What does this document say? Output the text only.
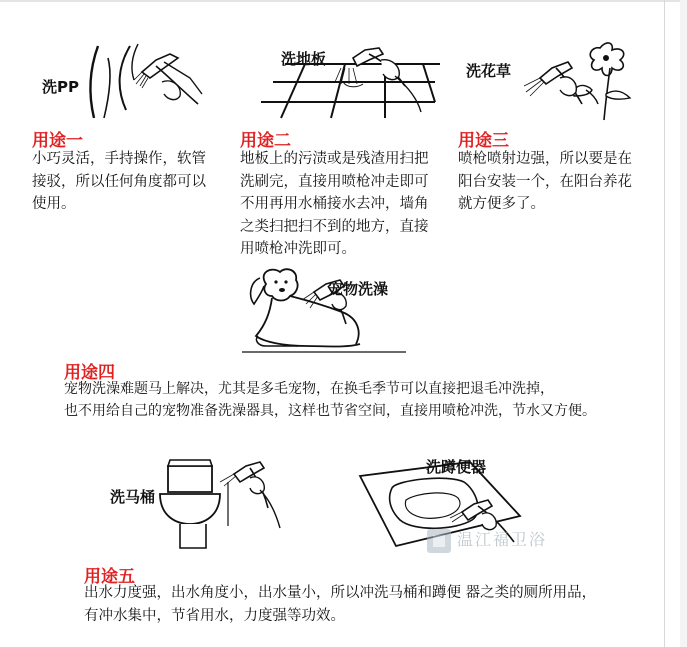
洗PP
洗地板
洗花草
用途一
小巧灵活，手持操作，软管
接驳，所以任何角度都可以
使用。
用途二
地板上的污渍或是残渣用扫把
洗刷完，直接用喷枪冲走即可
不用再用水桶接水去冲，墙角
之类扫把扫不到的地方，直接
用喷枪冲洗即可。
用途三
喷枪喷射边强，所以要是在
阳台安装一个，在阳台养花
就方便多了。
宠物洗澡
用途四
宠物洗澡难题马上解决，尤其是多毛宠物，在换毛季节可以直接把退毛冲洗掉，
也不用给自己的宠物准备洗澡器具，这样也节省空间，直接用喷枪冲洗，节水又方便。
洗马桶
洗蹲便器
温江福卫浴
用途五
出水力度强，出水角度小，出水量小，所以冲洗马桶和蹲便 器之类的厕所用品，
有冲水集中，节省用水，力度强等功效。
